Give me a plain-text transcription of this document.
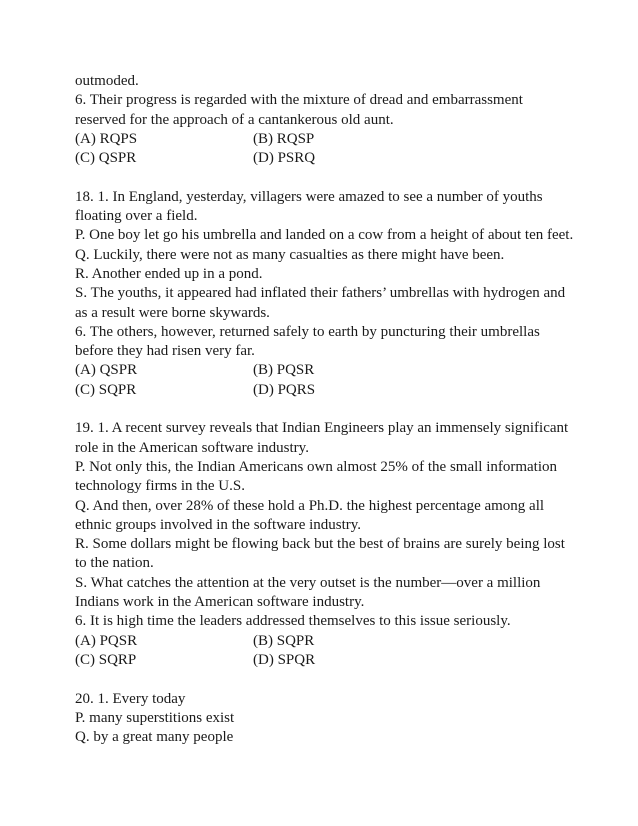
outmoded.
6. Their progress is regarded with the mixture of dread and embarrassment
reserved for the approach of a cantankerous old aunt.
(A) RQPS	(B) RQSP
(C) QSPR	(D) PSRQ
18. 1. In England, yesterday, villagers were amazed to see a number of youths
floating over a field.
P. One boy let go his umbrella and landed on a cow from a height of about ten feet.
Q. Luckily, there were not as many casualties as there might have been.
R. Another ended up in a pond.
S. The youths, it appeared had inflated their fathers’ umbrellas with hydrogen and
as a result were borne skywards.
6. The others, however, returned safely to earth by puncturing their umbrellas
before they had risen very far.
(A) QSPR	(B) PQSR
(C) SQPR	(D) PQRS
19. 1. A recent survey reveals that Indian Engineers play an immensely significant
role in the American software industry.
P. Not only this, the Indian Americans own almost 25% of the small information
technology firms in the U.S.
Q. And then, over 28% of these hold a Ph.D. the highest percentage among all
ethnic groups involved in the software industry.
R. Some dollars might be flowing back but the best of brains are surely being lost
to the nation.
S. What catches the attention at the very outset is the number—over a million
Indians work in the American software industry.
6. It is high time the leaders addressed themselves to this issue seriously.
(A) PQSR	(B) SQPR
(C) SQRP	(D) SPQR
20. 1. Every today
P. many superstitions exist
Q. by a great many people
